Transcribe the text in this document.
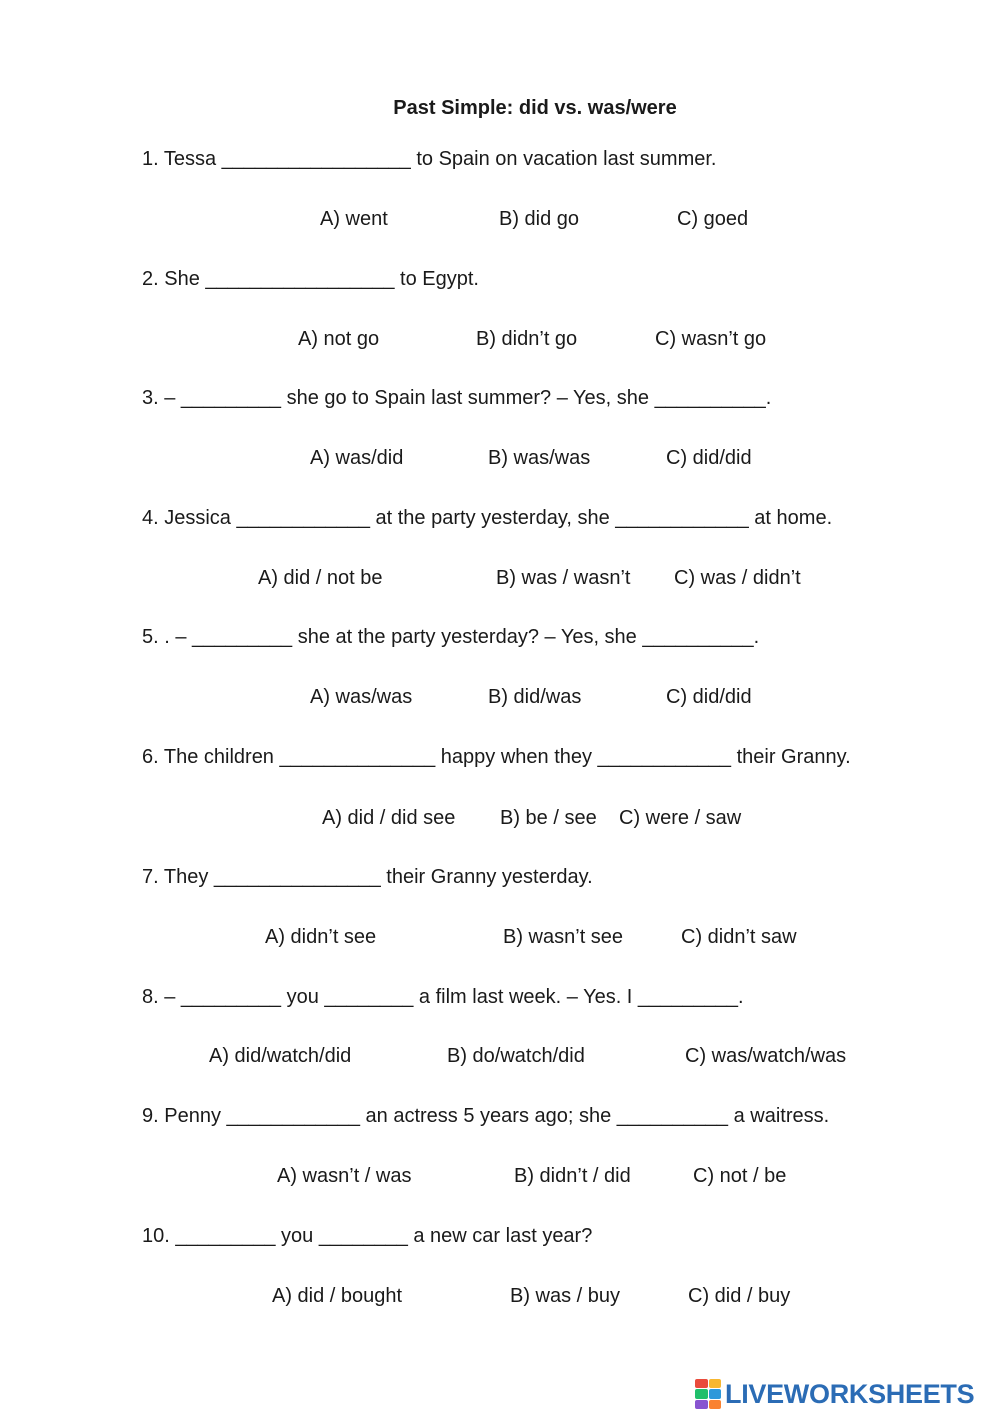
Past Simple: did vs. was/were
1. Tessa _________________ to Spain on vacation last summer.
A) went	B) did go	C) goed
2. She _________________ to Egypt.
A) not go	B) didn’t go	C) wasn’t go
3. – _________ she go to Spain last summer? – Yes, she __________.
A) was/did	B) was/was	C) did/did
4. Jessica ____________ at the party yesterday, she ____________ at home.
A) did / not be	B) was / wasn’t C) was / didn’t
5. . – _________ she at the party yesterday? – Yes, she __________.
A) was/was	B) did/was	C) did/did
6. The children ______________ happy when they ____________ their Granny.
A) did / did see B) be / see C) were / saw
7. They _______________ their Granny yesterday.
A) didn’t see	B) wasn’t see	C) didn’t saw
8. – _________ you ________ a film last week. – Yes. I _________.
A) did/watch/did	B) do/watch/did	C) was/watch/was
9. Penny ____________ an actress 5 years ago; she __________ a waitress.
A) wasn’t / was	B) didn’t / did	C) not / be
10. _________ you ________ a new car last year?
A) did / bought	B) was / buy	C) did / buy
LIVEWORKSHEETS
